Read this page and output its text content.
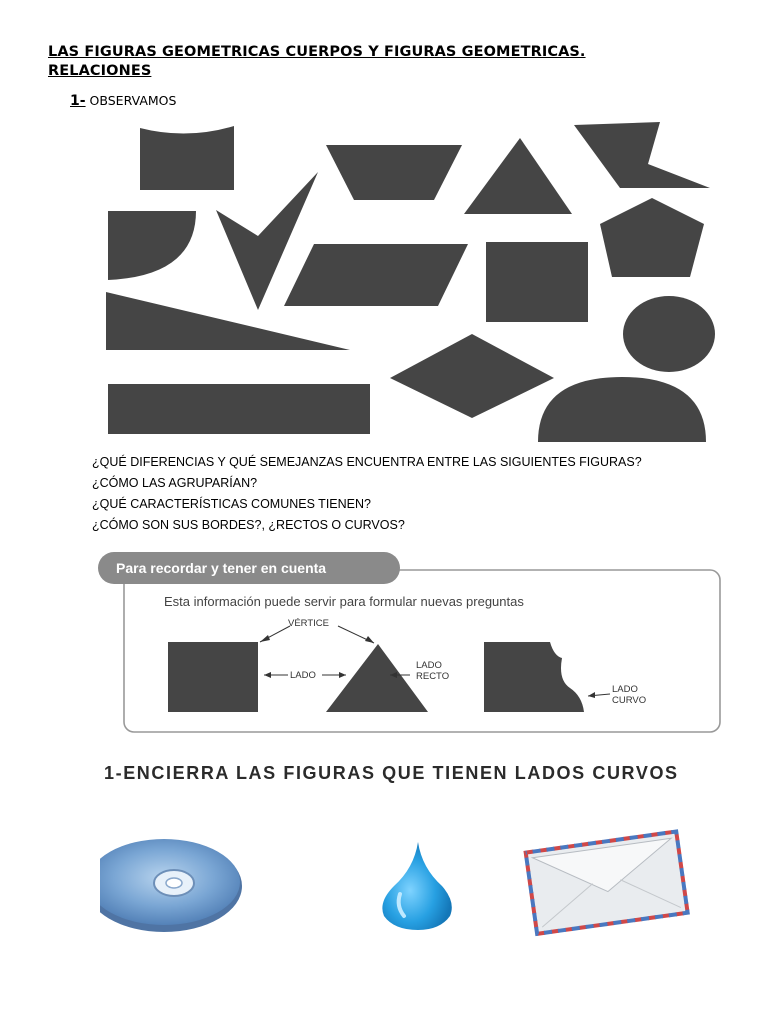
LAS FIGURAS GEOMETRICAS CUERPOS Y FIGURAS GEOMETRICAS. RELACIONES
1- OBSERVAMOS
¿QUÉ DIFERENCIAS Y QUÉ SEMEJANZAS ENCUENTRA ENTRE LAS SIGUIENTES FIGURAS?
¿CÓMO LAS AGRUPARÍAN?
¿QUÉ CARACTERÍSTICAS COMUNES TIENEN?
¿CÓMO SON SUS BORDES?, ¿RECTOS O CURVOS?
Para recordar y tener en cuenta
Esta información puede servir para formular nuevas preguntas
VÉRTICE
LADO
LADO
RECTO
LADO
CURVO
1-ENCIERRA LAS FIGURAS QUE TIENEN LADOS CURVOS
